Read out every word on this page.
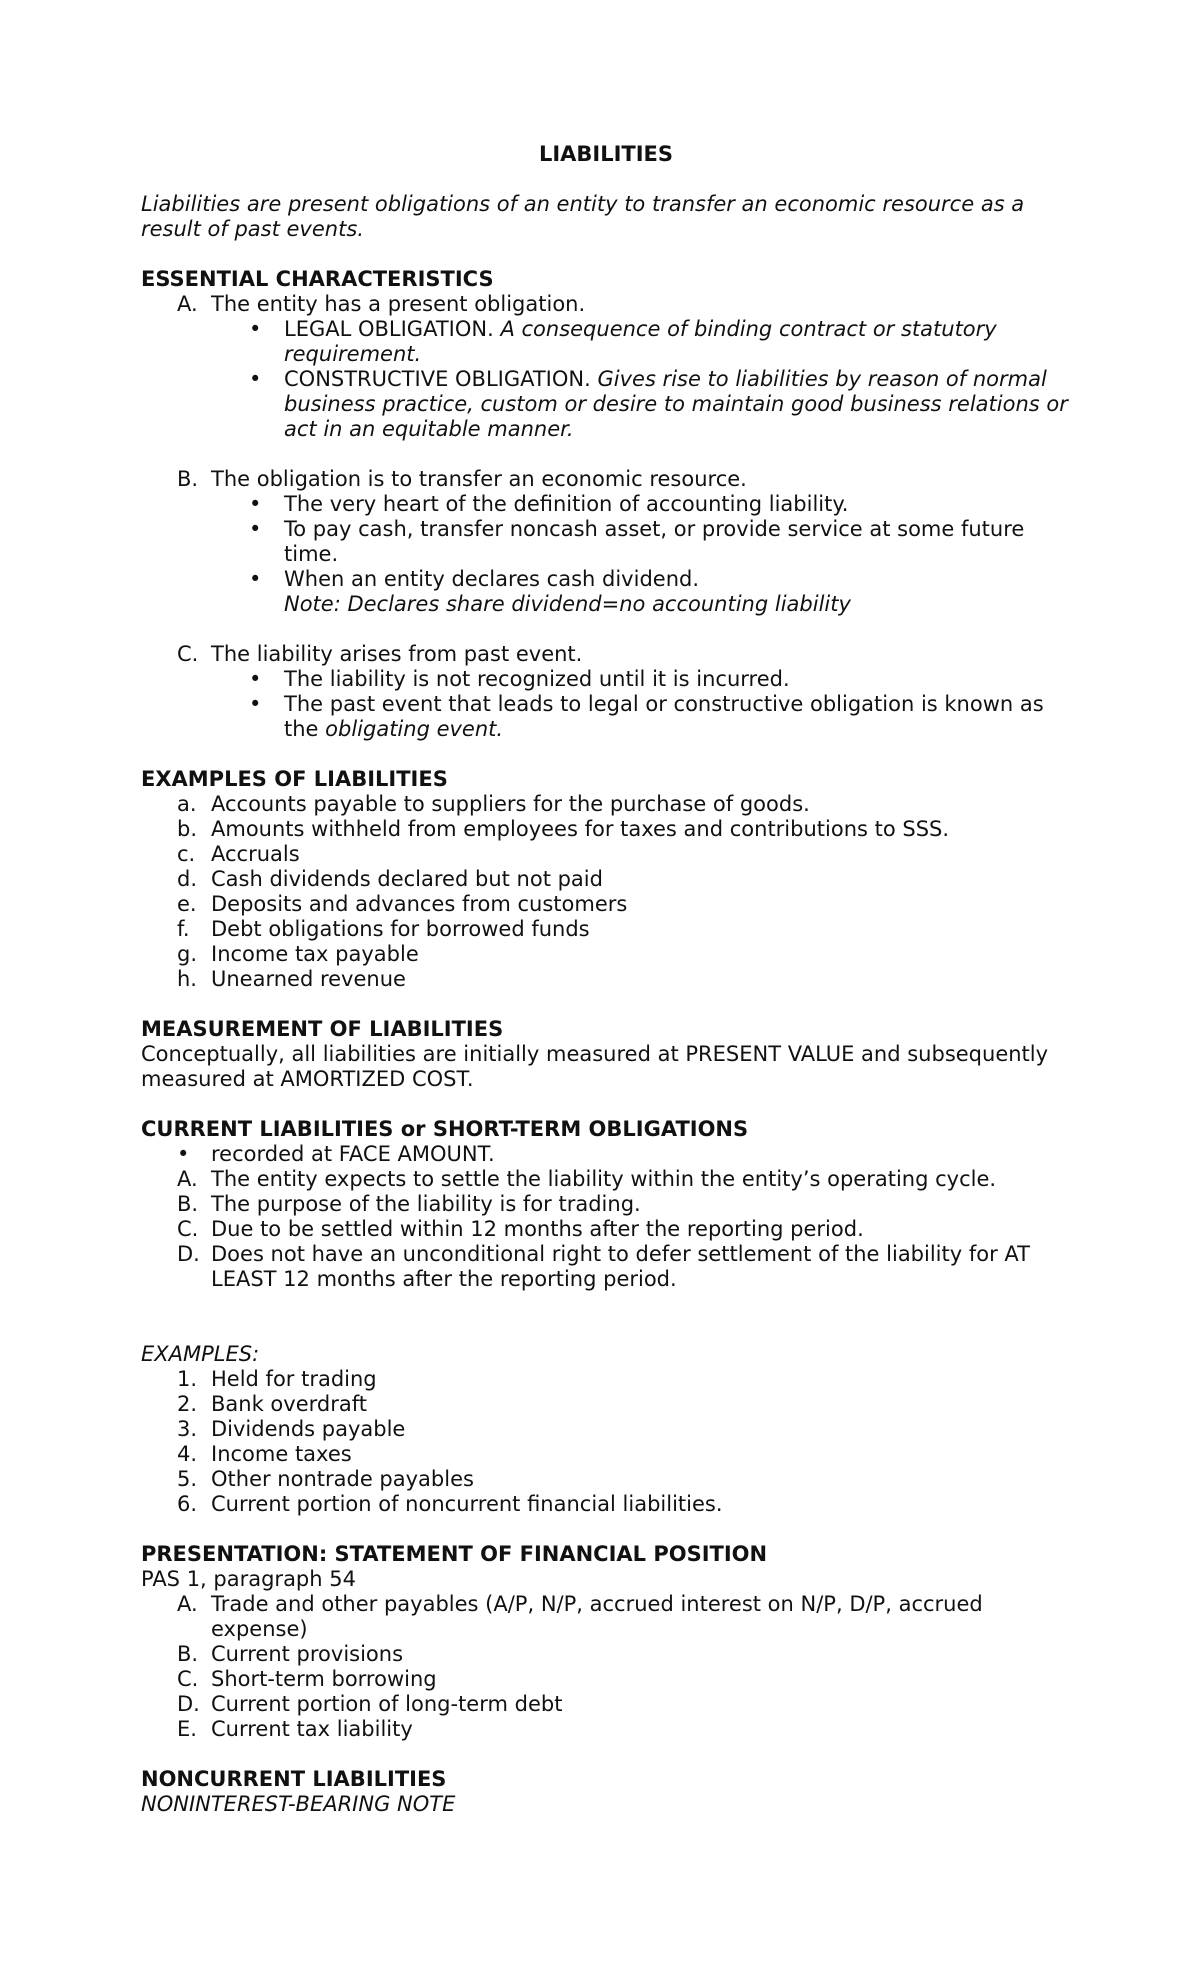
LIABILITIES
Liabilities are present obligations of an entity to transfer an economic resource as a result of past events.
ESSENTIAL CHARACTERISTICS
A. The entity has a present obligation.
• LEGAL OBLIGATION. A consequence of binding contract or statutory requirement.
• CONSTRUCTIVE OBLIGATION. Gives rise to liabilities by reason of normal business practice, custom or desire to maintain good business relations or act in an equitable manner.
B. The obligation is to transfer an economic resource.
• The very heart of the definition of accounting liability.
• To pay cash, transfer noncash asset, or provide service at some future time.
• When an entity declares cash dividend.
Note: Declares share dividend=no accounting liability
C. The liability arises from past event.
• The liability is not recognized until it is incurred.
• The past event that leads to legal or constructive obligation is known as the obligating event.
EXAMPLES OF LIABILITIES
a. Accounts payable to suppliers for the purchase of goods.
b. Amounts withheld from employees for taxes and contributions to SSS.
c. Accruals
d. Cash dividends declared but not paid
e. Deposits and advances from customers
f. Debt obligations for borrowed funds
g. Income tax payable
h. Unearned revenue
MEASUREMENT OF LIABILITIES
Conceptually, all liabilities are initially measured at PRESENT VALUE and subsequently measured at AMORTIZED COST.
CURRENT LIABILITIES or SHORT-TERM OBLIGATIONS
• recorded at FACE AMOUNT.
A. The entity expects to settle the liability within the entity’s operating cycle.
B. The purpose of the liability is for trading.
C. Due to be settled within 12 months after the reporting period.
D. Does not have an unconditional right to defer settlement of the liability for AT LEAST 12 months after the reporting period.
EXAMPLES:
1. Held for trading
2. Bank overdraft
3. Dividends payable
4. Income taxes
5. Other nontrade payables
6. Current portion of noncurrent financial liabilities.
PRESENTATION: STATEMENT OF FINANCIAL POSITION
PAS 1, paragraph 54
A. Trade and other payables (A/P, N/P, accrued interest on N/P, D/P, accrued expense)
B. Current provisions
C. Short-term borrowing
D. Current portion of long-term debt
E. Current tax liability
NONCURRENT LIABILITIES
NONINTEREST-BEARING NOTE
